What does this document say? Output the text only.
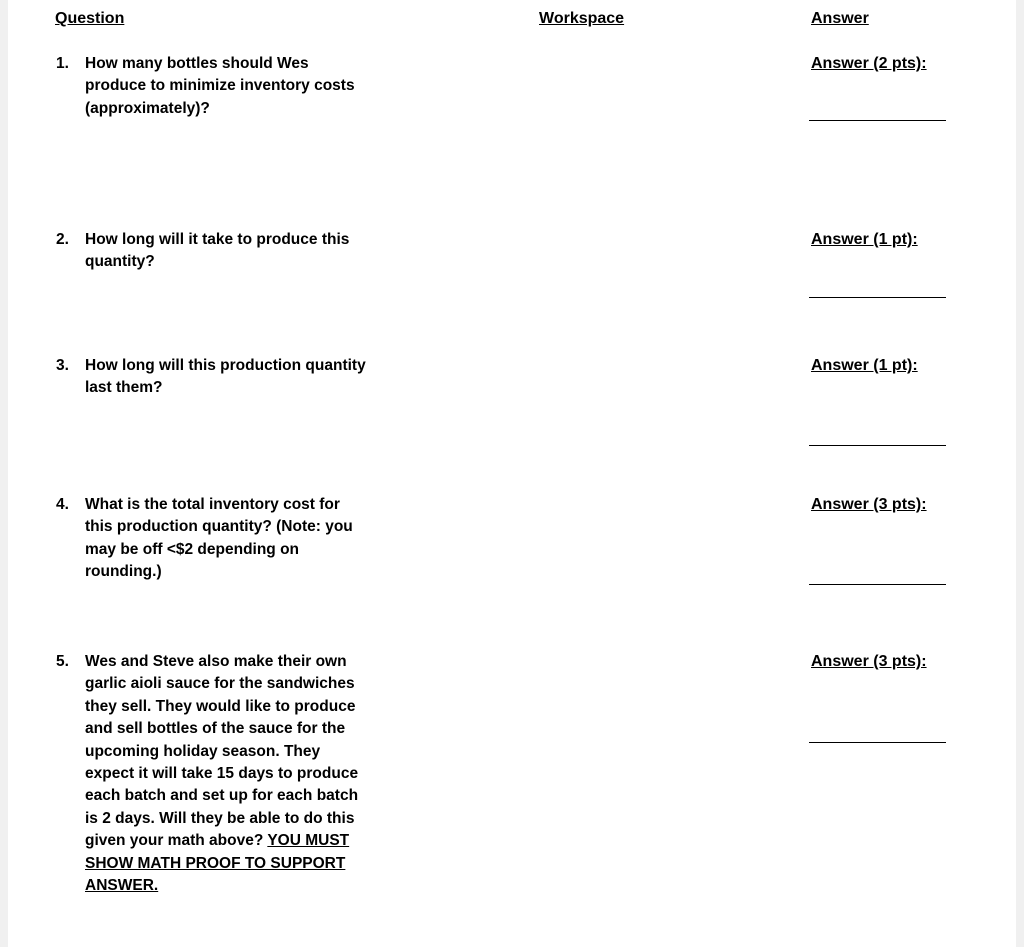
Question	Workspace	Answer
1. How many bottles should Wes produce to minimize inventory costs (approximately)?
Answer (2 pts):
2. How long will it take to produce this quantity?
Answer (1 pt):
3. How long will this production quantity last them?
Answer (1 pt):
4. What is the total inventory cost for this production quantity? (Note: you may be off <$2 depending on rounding.)
Answer (3 pts):
5. Wes and Steve also make their own garlic aioli sauce for the sandwiches they sell. They would like to produce and sell bottles of the sauce for the upcoming holiday season. They expect it will take 15 days to produce each batch and set up for each batch is 2 days. Will they be able to do this given your math above? YOU MUST SHOW MATH PROOF TO SUPPORT ANSWER.
Answer (3 pts):
